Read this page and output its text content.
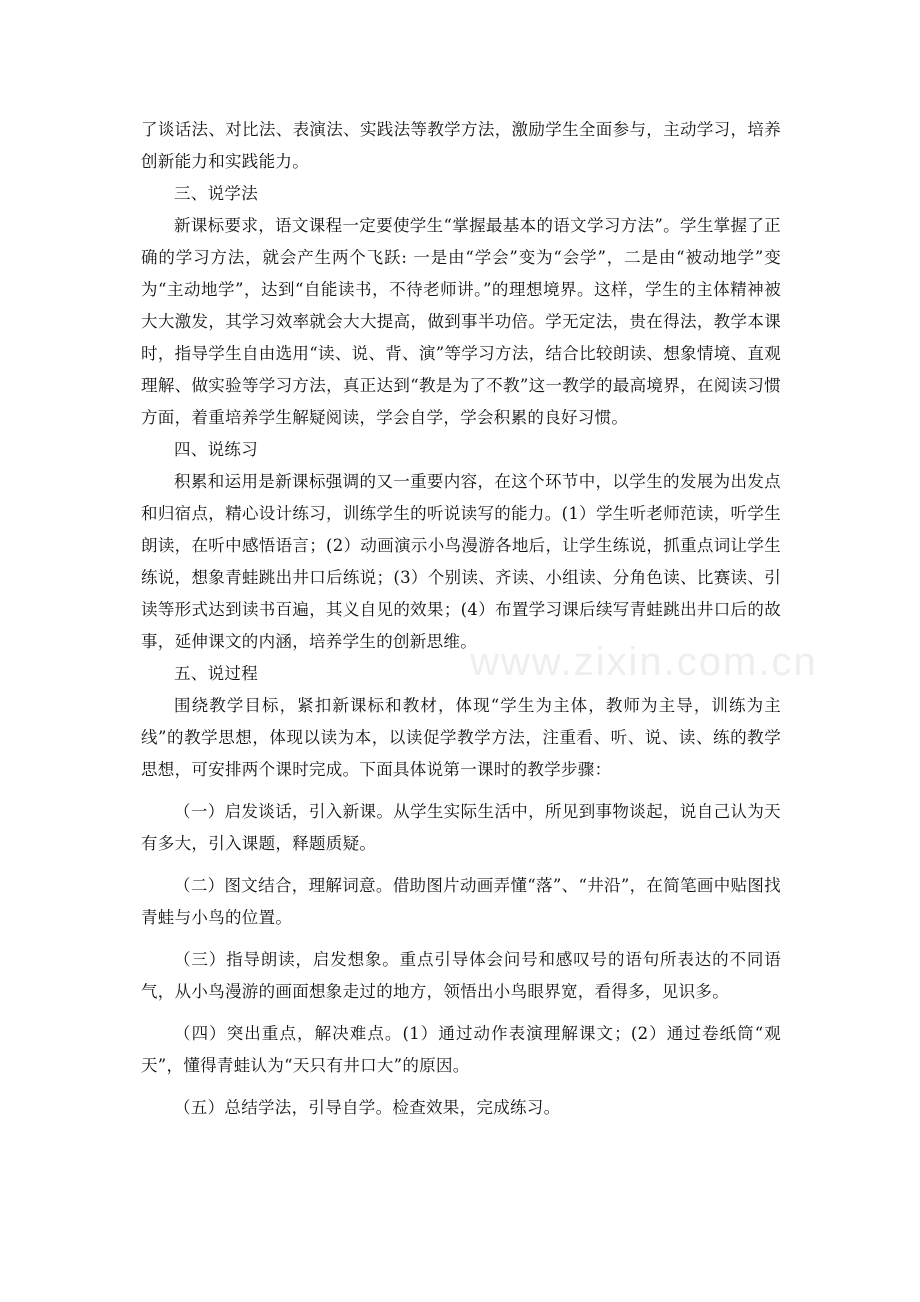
了谈话法、对比法、表演法、实践法等教学方法，激励学生全面参与，主动学习，培养创新能力和实践能力。

三、说学法

新课标要求，语文课程一定要使学生“掌握最基本的语文学习方法”。学生掌握了正确的学习方法，就会产生两个飞跃: 一是由“学会”变为“会学”，二是由“被动地学”变为“主动地学”，达到“自能读书，不待老师讲。”的理想境界。这样，学生的主体精神被大大激发，其学习效率就会大大提高，做到事半功倍。学无定法，贵在得法，教学本课时，指导学生自由选用“读、说、背、演”等学习方法，结合比较朗读、想象情境、直观理解、做实验等学习方法，真正达到“教是为了不教”这一教学的最高境界，在阅读习惯方面，着重培养学生解疑阅读，学会自学，学会积累的良好习惯。

四、说练习

积累和运用是新课标强调的又一重要内容，在这个环节中，以学生的发展为出发点和归宿点，精心设计练习，训练学生的听说读写的能力。(1）学生听老师范读，听学生朗读，在听中感悟语言；(2）动画演示小鸟漫游各地后，让学生练说，抓重点词让学生练说，想象青蛙跳出井口后练说；(3）个别读、齐读、小组读、分角色读、比赛读、引读等形式达到读书百遍，其义自见的效果；(4）布置学习课后续写青蛙跳出井口后的故事，延伸课文的内涵，培养学生的创新思维。

五、说过程

围绕教学目标，紧扣新课标和教材，体现“学生为主体，教师为主导，训练为主线”的教学思想，体现以读为本，以读促学教学方法，注重看、听、说、读、练的教学思想，可安排两个课时完成。下面具体说第一课时的教学步骤：

（一）启发谈话，引入新课。从学生实际生活中，所见到事物谈起，说自己认为天有多大，引入课题，释题质疑。

（二）图文结合，理解词意。借助图片动画弄懂“落”、“井沿”，在简笔画中贴图找青蛙与小鸟的位置。

（三）指导朗读，启发想象。重点引导体会问号和感叹号的语句所表达的不同语气，从小鸟漫游的画面想象走过的地方，领悟出小鸟眼界宽，看得多，见识多。

（四）突出重点，解决难点。(1）通过动作表演理解课文；(2）通过卷纸筒“观天”，懂得青蛙认为“天只有井口大”的原因。

（五）总结学法，引导自学。检查效果，完成练习。

www.zixin.com.cn
